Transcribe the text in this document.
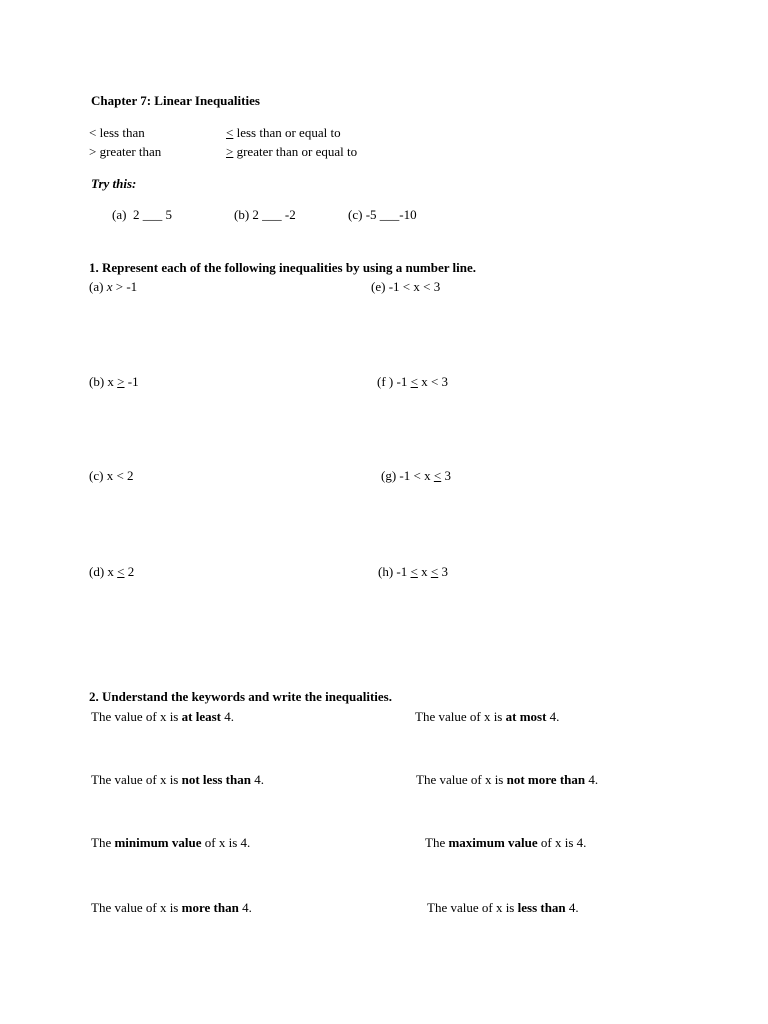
Chapter 7: Linear Inequalities
< less than	< less than or equal to
> greater than	> greater than or equal to
Try this:
(a) 2 ___ 5	(b) 2 ___ -2	(c) -5 ___-10
1. Represent each of the following inequalities by using a number line.
(a) x > -1	(e) -1 < x < 3
(b) x > -1	(f ) -1 < x < 3
(c) x < 2	(g) -1 < x < 3
(d) x < 2	(h) -1 < x < 3
2. Understand the keywords and write the inequalities.
The value of x is at least 4.	The value of x is at most 4.
The value of x is not less than 4.	The value of x is not more than 4.
The minimum value of x is 4.	The maximum value of x is 4.
The value of x is more than 4.	The value of x is less than 4.
